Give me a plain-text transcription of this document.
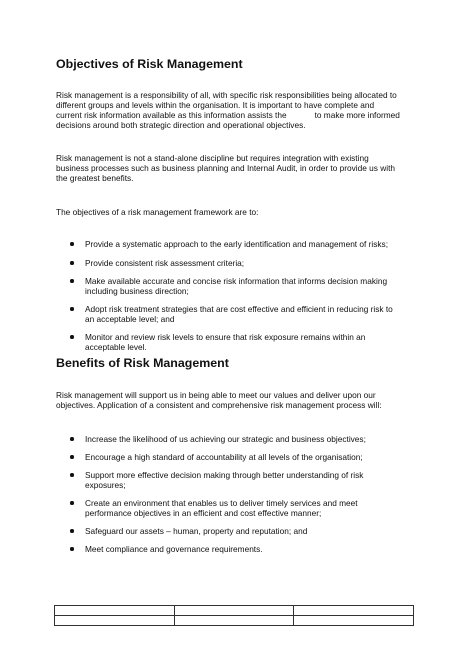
Objectives of Risk Management

Risk management is a responsibility of all, with specific risk responsibilities being allocated to
different groups and levels within the organisation. It is important to have complete and
current risk information available as this information assists the	to make more informed
decisions around both strategic direction and operational objectives.

Risk management is not a stand-alone discipline but requires integration with existing
business processes such as business planning and Internal Audit, in order to provide us with
the greatest benefits.

The objectives of a risk management framework are to:

Provide a systematic approach to the early identification and management of risks;
Provide consistent risk assessment criteria;
Make available accurate and concise risk information that informs decision making
including business direction;
Adopt risk treatment strategies that are cost effective and efficient in reducing risk to
an acceptable level; and
Monitor and review risk levels to ensure that risk exposure remains within an
acceptable level.
Benefits of Risk Management

Risk management will support us in being able to meet our values and deliver upon our
objectives. Application of a consistent and comprehensive risk management process will:

Increase the likelihood of us achieving our strategic and business objectives;
Encourage a high standard of accountability at all levels of the organisation;
Support more effective decision making through better understanding of risk
exposures;
Create an environment that enables us to deliver timely services and meet
performance objectives in an efficient and cost effective manner;
Safeguard our assets – human, property and reputation; and
Meet compliance and governance requirements.
